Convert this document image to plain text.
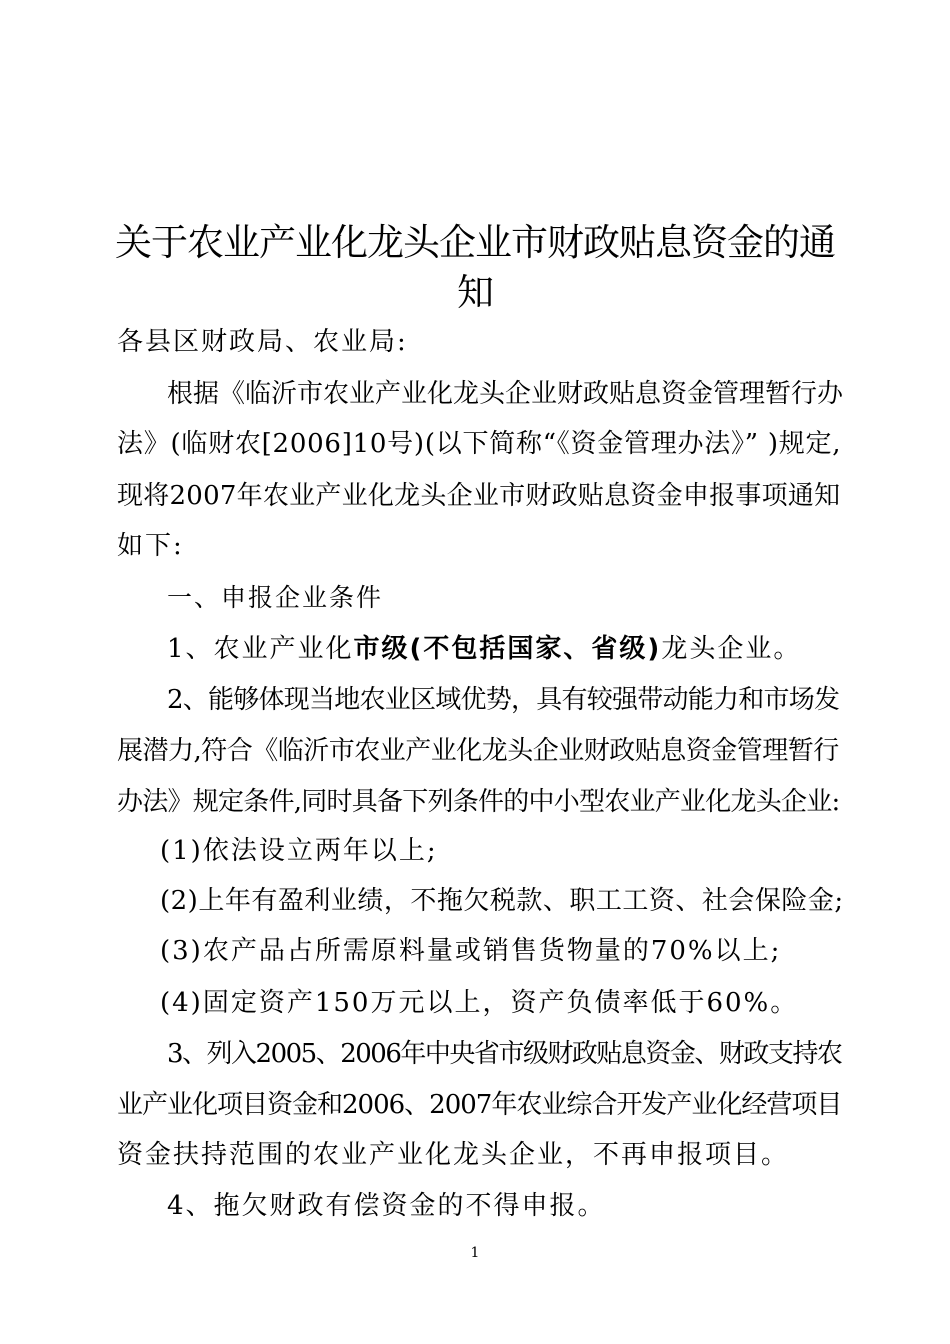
关于农业产业化龙头企业市财政贴息资金的通
知
各县区财政局、农业局:
根据《临沂市农业产业化龙头企业财政贴息资金管理暂行办
法》(临财农[2006]10号)(以下简称“《资金管理办法》” )规定,
现将2007年农业产业化龙头企业市财政贴息资金申报事项通知
如下:
一、申报企业条件
1、农业产业化市级(不包括国家、省级)龙头企业。
2、能够体现当地农业区域优势，具有较强带动能力和市场发
展潜力,符合《临沂市农业产业化龙头企业财政贴息资金管理暂行
办法》规定条件,同时具备下列条件的中小型农业产业化龙头企业:
(1)依法设立两年以上;
(2)上年有盈利业绩，不拖欠税款、职工工资、社会保险金;
(3)农产品占所需原料量或销售货物量的70%以上;
(4)固定资产150万元以上，资产负债率低于60%。
3、列入2005、2006年中央省市级财政贴息资金、财政支持农
业产业化项目资金和2006、2007年农业综合开发产业化经营项目
资金扶持范围的农业产业化龙头企业，不再申报项目。
4、拖欠财政有偿资金的不得申报。
1
